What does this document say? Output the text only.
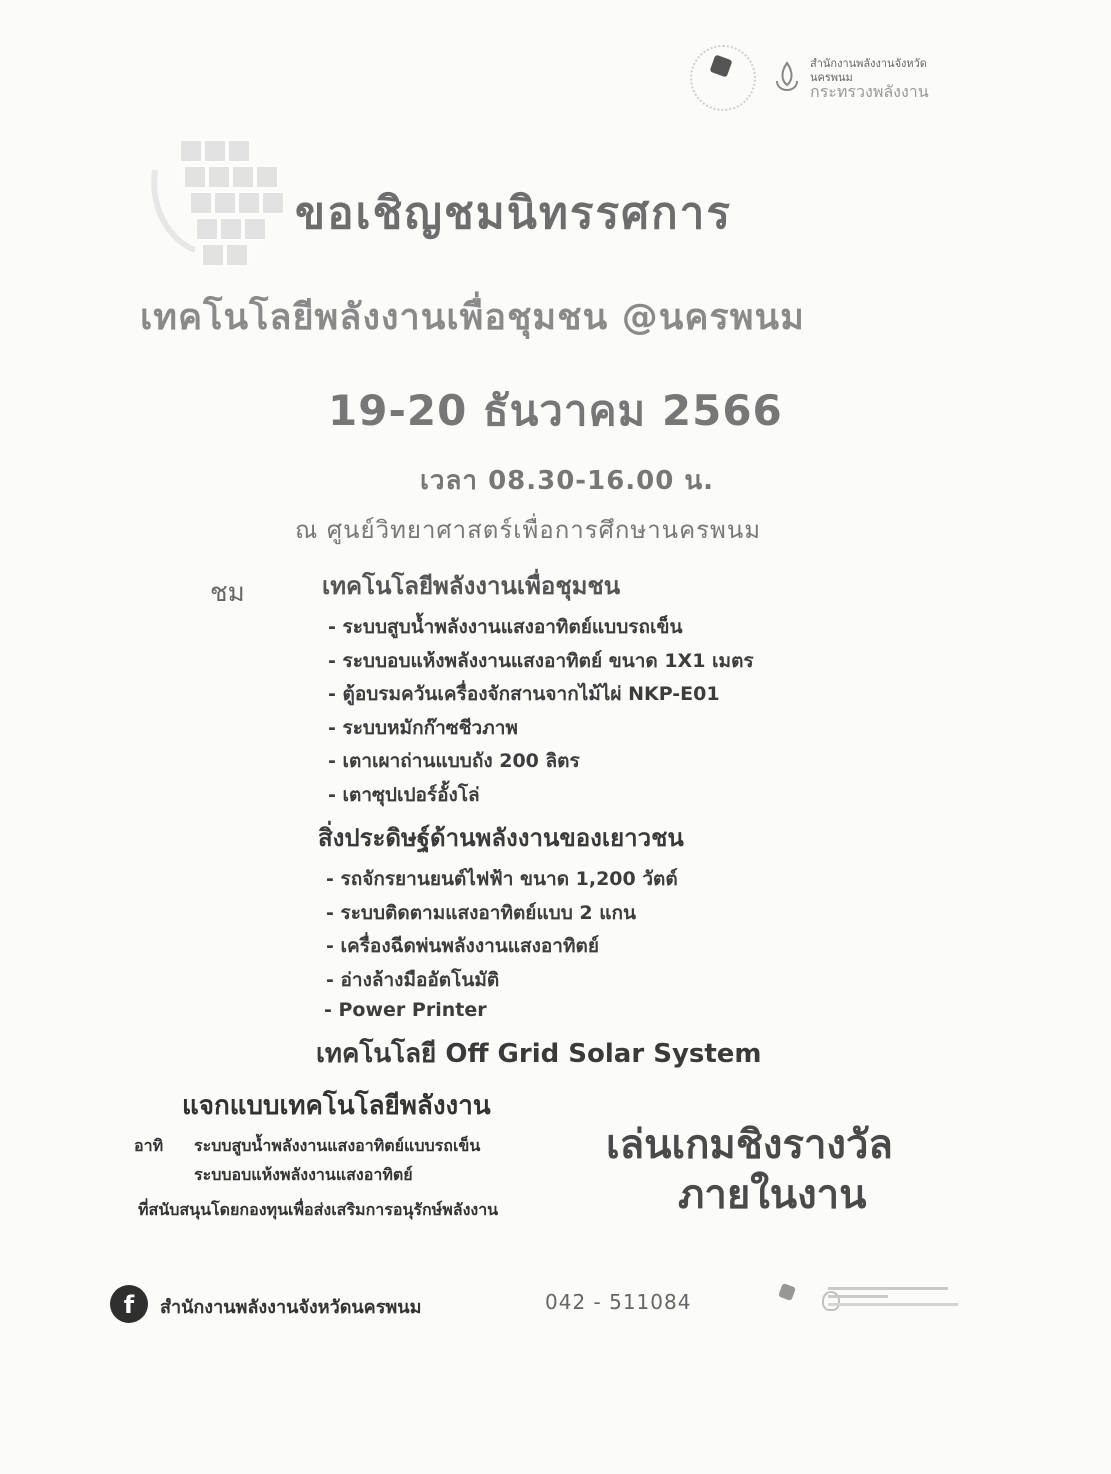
สำนักงานพลังงานจังหวัด
นครพนม
กระทรวงพลังงาน
ขอเชิญชมนิทรรศการ
เทคโนโลยีพลังงานเพื่อชุมชน @นครพนม
19-20 ธันวาคม 2566
เวลา 08.30-16.00 น.
ณ ศูนย์วิทยาศาสตร์เพื่อการศึกษานครพนม
ชม	เทคโนโลยีพลังงานเพื่อชุมชน
- ระบบสูบน้ำพลังงานแสงอาทิตย์แบบรถเข็น
- ระบบอบแห้งพลังงานแสงอาทิตย์ ขนาด 1X1 เมตร
- ตู้อบรมควันเครื่องจักสานจากไม้ไผ่ NKP-E01
- ระบบหมักก๊าซชีวภาพ
- เตาเผาถ่านแบบถัง 200 ลิตร
- เตาซุปเปอร์อั้งโล่
สิ่งประดิษฐ์ด้านพลังงานของเยาวชน
- รถจักรยานยนต์ไฟฟ้า ขนาด 1,200 วัตต์
- ระบบติดตามแสงอาทิตย์แบบ 2 แกน
- เครื่องฉีดพ่นพลังงานแสงอาทิตย์
- อ่างล้างมืออัตโนมัติ
- Power Printer
เทคโนโลยี Off Grid Solar System
แจกแบบเทคโนโลยีพลังงาน
อาทิ ระบบสูบน้ำพลังงานแสงอาทิตย์แบบรถเข็น
ระบบอบแห้งพลังงานแสงอาทิตย์
ที่สนับสนุนโดยกองทุนเพื่อส่งเสริมการอนุรักษ์พลังงาน
เล่นเกมชิงรางวัล
ภายในงาน
f	สำนักงานพลังงานจังหวัดนครพนม	042 - 511084
